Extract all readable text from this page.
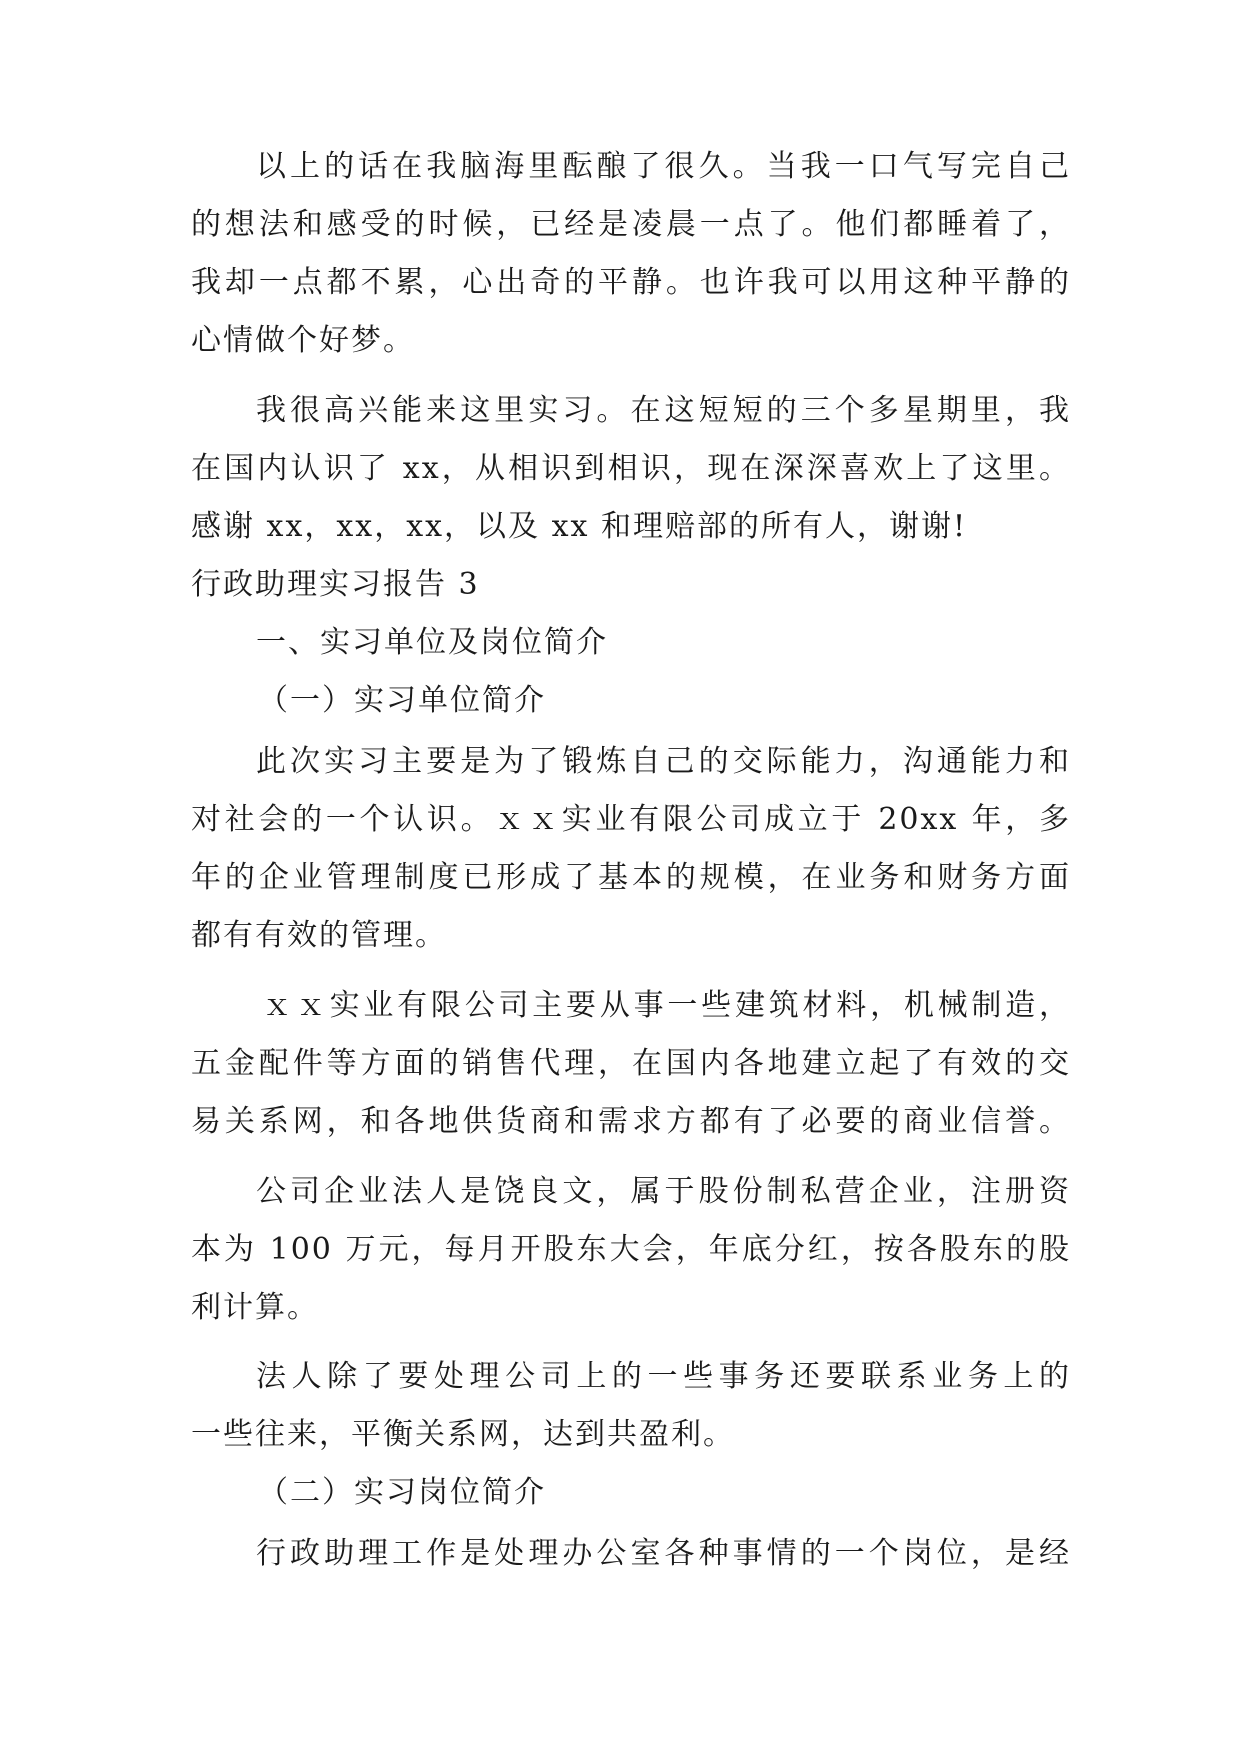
以上的话在我脑海里酝酿了很久。当我一口气写完自己
的想法和感受的时候，已经是凌晨一点了。他们都睡着了，
我却一点都不累，心出奇的平静。也许我可以用这种平静的
心情做个好梦。
我很高兴能来这里实习。在这短短的三个多星期里，我
在国内认识了 xx，从相识到相识，现在深深喜欢上了这里。
感谢 xx，xx，xx，以及 xx 和理赔部的所有人，谢谢!
行政助理实习报告 3
一、实习单位及岗位简介
（一）实习单位简介
此次实习主要是为了锻炼自己的交际能力，沟通能力和
对社会的一个认识。ｘｘ实业有限公司成立于 20xx 年，多
年的企业管理制度已形成了基本的规模，在业务和财务方面
都有有效的管理。
ｘｘ实业有限公司主要从事一些建筑材料，机械制造，
五金配件等方面的销售代理，在国内各地建立起了有效的交
易关系网，和各地供货商和需求方都有了必要的商业信誉。
公司企业法人是饶良文，属于股份制私营企业，注册资
本为 100 万元，每月开股东大会，年底分红，按各股东的股
利计算。
法人除了要处理公司上的一些事务还要联系业务上的
一些往来，平衡关系网，达到共盈利。
（二）实习岗位简介
行政助理工作是处理办公室各种事情的一个岗位，是经
